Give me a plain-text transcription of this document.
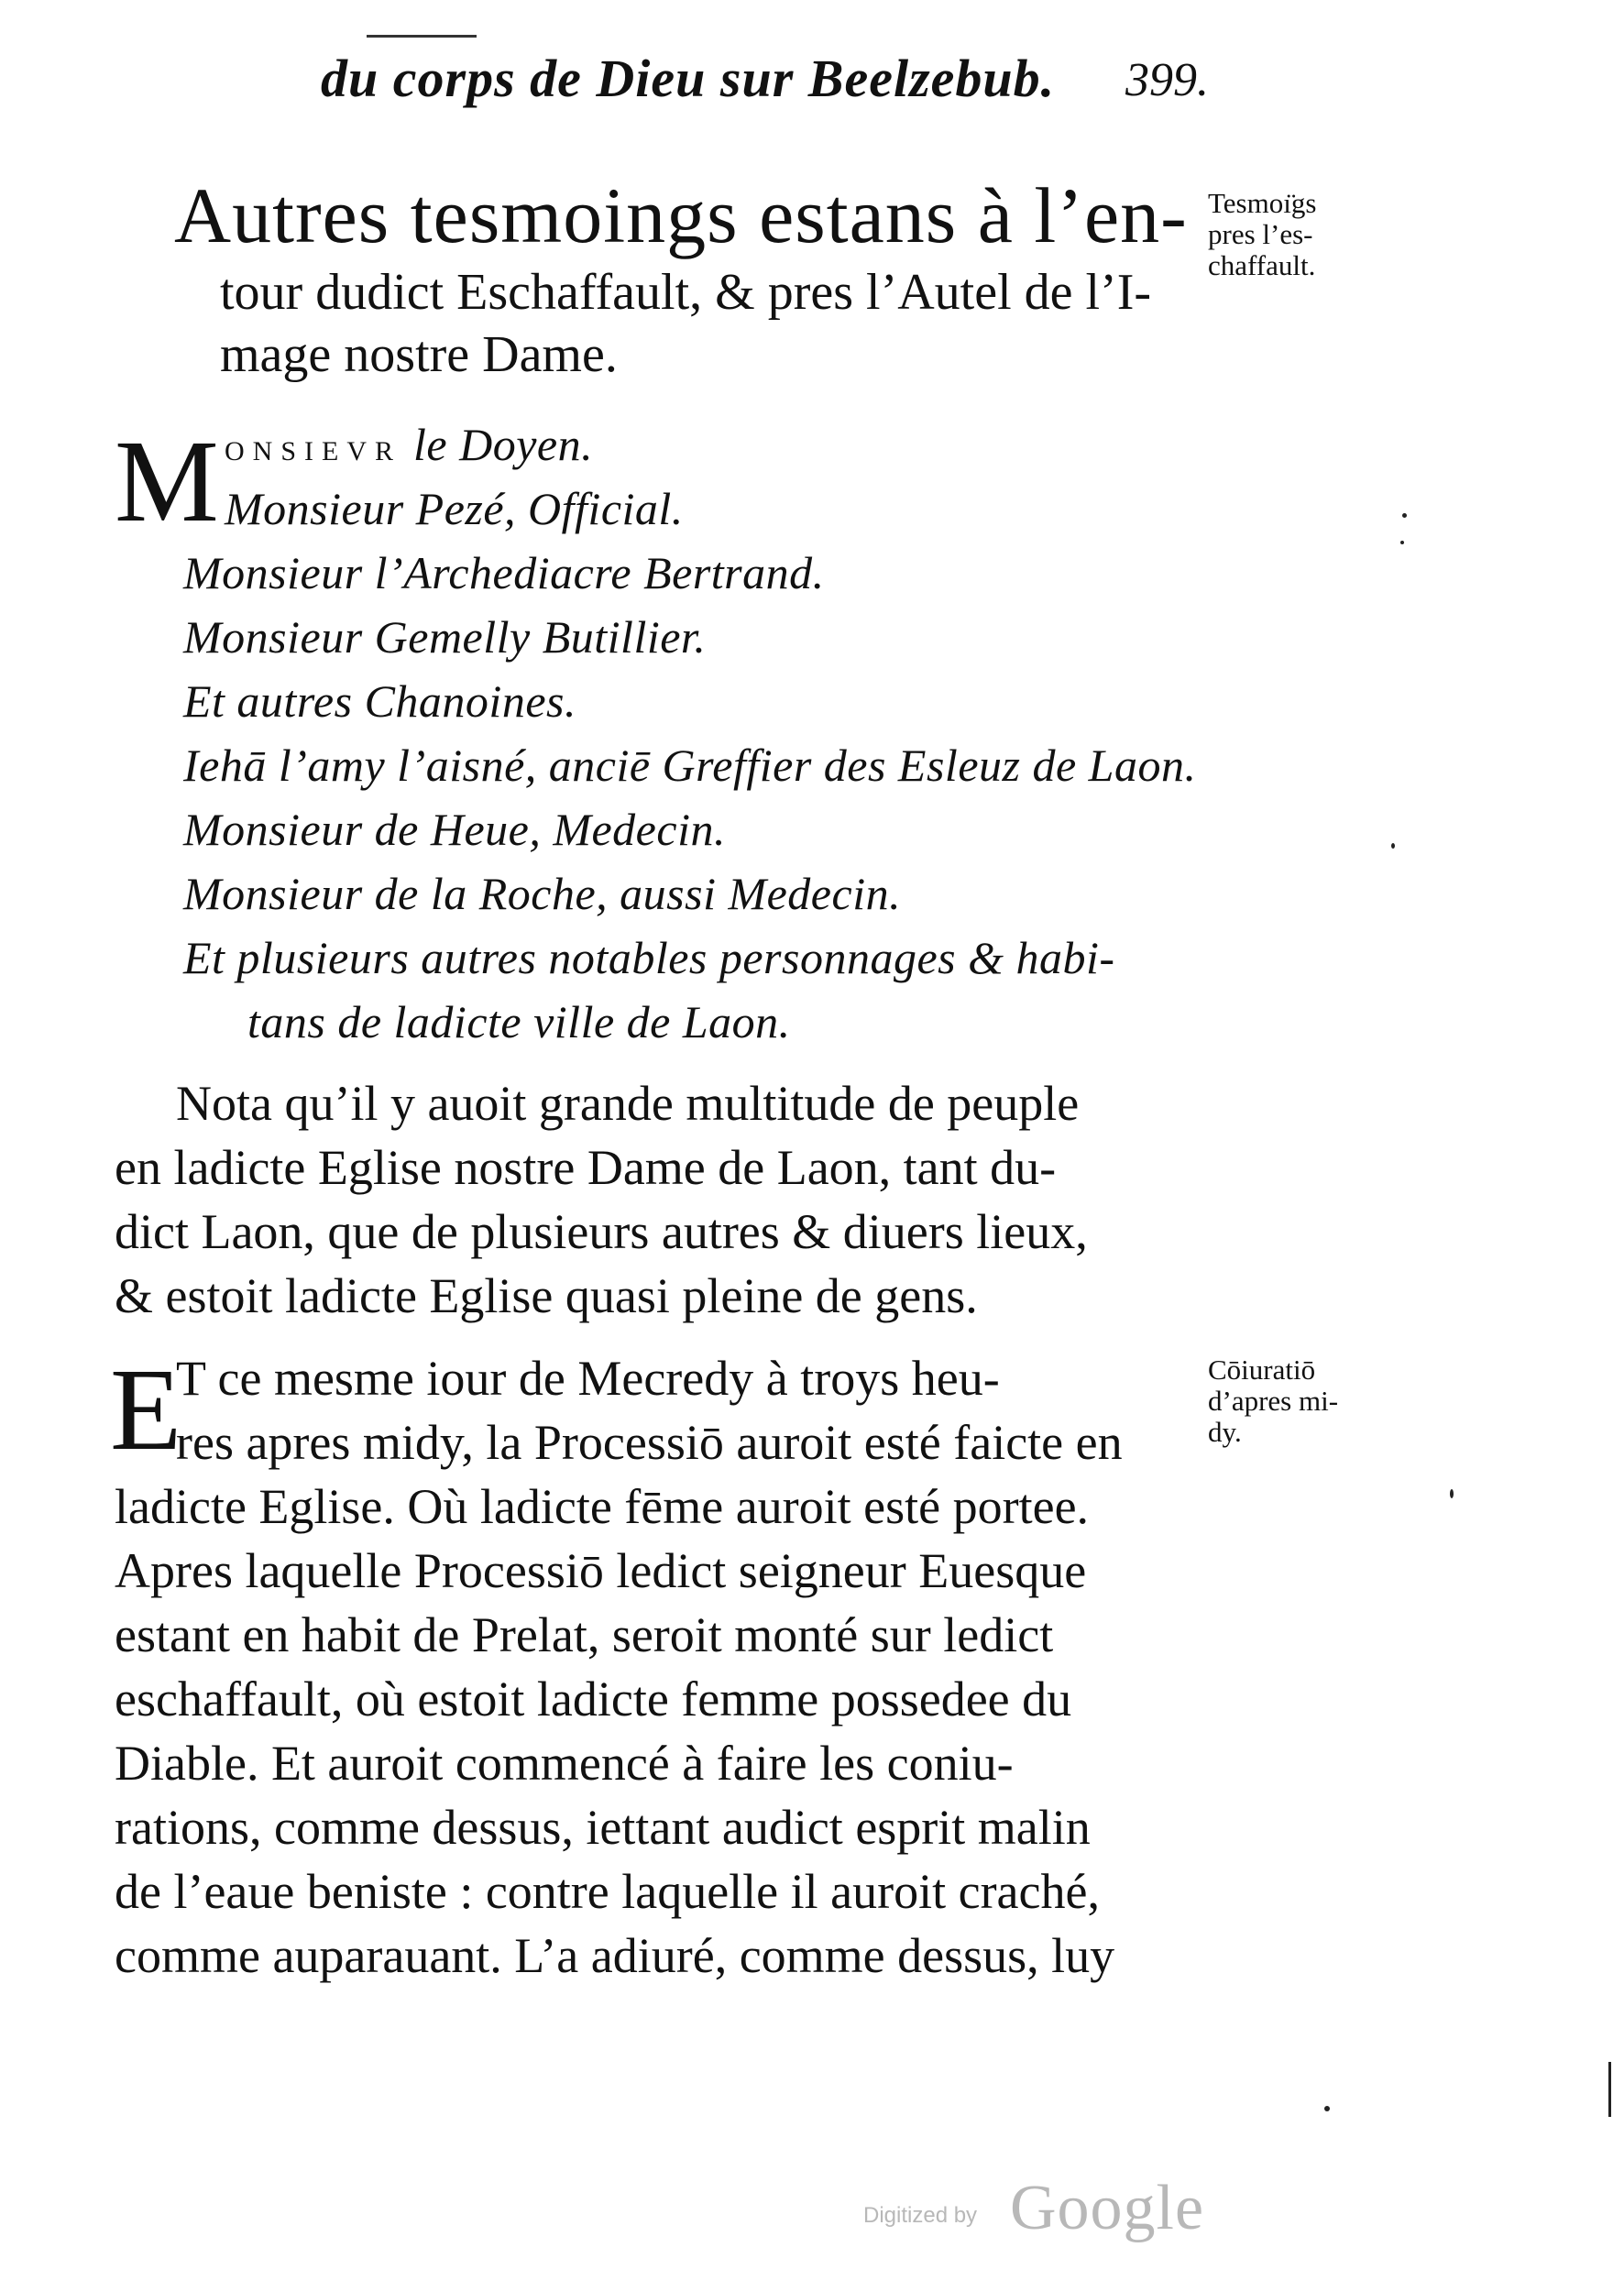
du corps de Dieu sur Beelzebub. 399.
Autres tesmoings estans à l’en-
tour dudict Eschaffault, & pres l’Autel de l’I-
mage nostre Dame.
Tesmoı̈gs
pres l’es-
chaffault.
Cōiuratiō
d’apres mi-
dy.
M ONSIEVR le Doyen.
Monsieur Pezé, Official.
Monsieur l’Archediacre Bertrand.
Monsieur Gemelly Butillier.
Et autres Chanoines.
Iehā l’amy l’aisné, anciē Greffier des Esleuz de Laon.
Monsieur de Heue, Medecin.
Monsieur de la Roche, aussi Medecin.
Et plusieurs autres notables personnages & habi-
tans de ladicte ville de Laon.
Nota qu’il y auoit grande multitude de peuple
en ladicte Eglise nostre Dame de Laon, tant du-
dict Laon, que de plusieurs autres & diuers lieux,
& estoit ladicte Eglise quasi pleine de gens.
E
T ce mesme iour de Mecredy à troys heu-
res apres midy, la Processiō auroit esté faicte en
ladicte Eglise. Où ladicte fēme auroit esté portee.
Apres laquelle Processiō ledict seigneur Euesque
estant en habit de Prelat, seroit monté sur ledict
eschaffault, où estoit ladicte femme possedee du
Diable. Et auroit commencé à faire les coniu-
rations, comme dessus, iettant audict esprit malin
de l’eaue beniste : contre laquelle il auroit craché,
comme auparauant. L’a adiuré, comme dessus, luy
Digitized by Google
